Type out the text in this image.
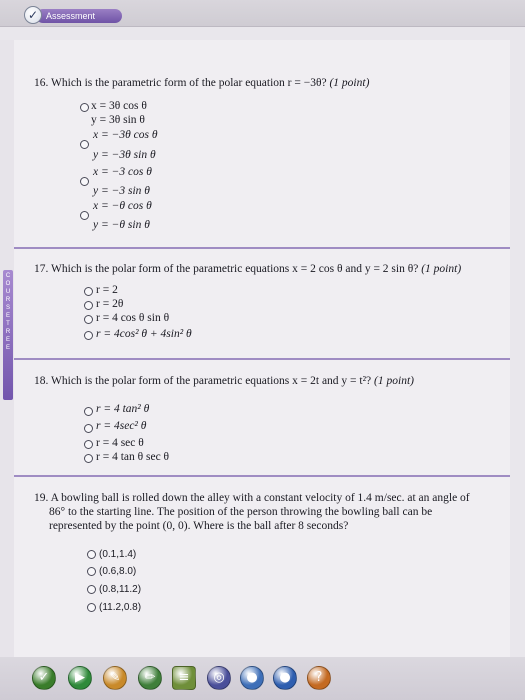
Assessment
✓
COURSE TREE
16. Which is the parametric form of the polar equation r = −3θ? (1 point)
x = 3θ cos θ
y = 3θ sin θ
x = −3θ cos θ
y = −3θ sin θ
x = −3 cos θ
y = −3 sin θ
x = −θ cos θ
y = −θ sin θ
17. Which is the polar form of the parametric equations x = 2 cos θ and y = 2 sin θ? (1 point)
r = 2
r = 2θ
r = 4 cos θ sin θ
r = 4cos² θ + 4sin² θ
18. Which is the polar form of the parametric equations x = 2t and y = t²? (1 point)
r = 4 tan² θ
r = 4sec² θ
r = 4 sec θ
r = 4 tan θ sec θ
19. A bowling ball is rolled down the alley with a constant velocity of 1.4 m/sec. at an angle of
86° to the starting line. The position of the person throwing the bowling ball can be
represented by the point (0, 0). Where is the ball after 8 seconds?
(0.1,1.4)
(0.6,8.0)
(0.8,11.2)
(11.2,0.8)
✓	▶	✎	✏	≡	◎	●	●	?
